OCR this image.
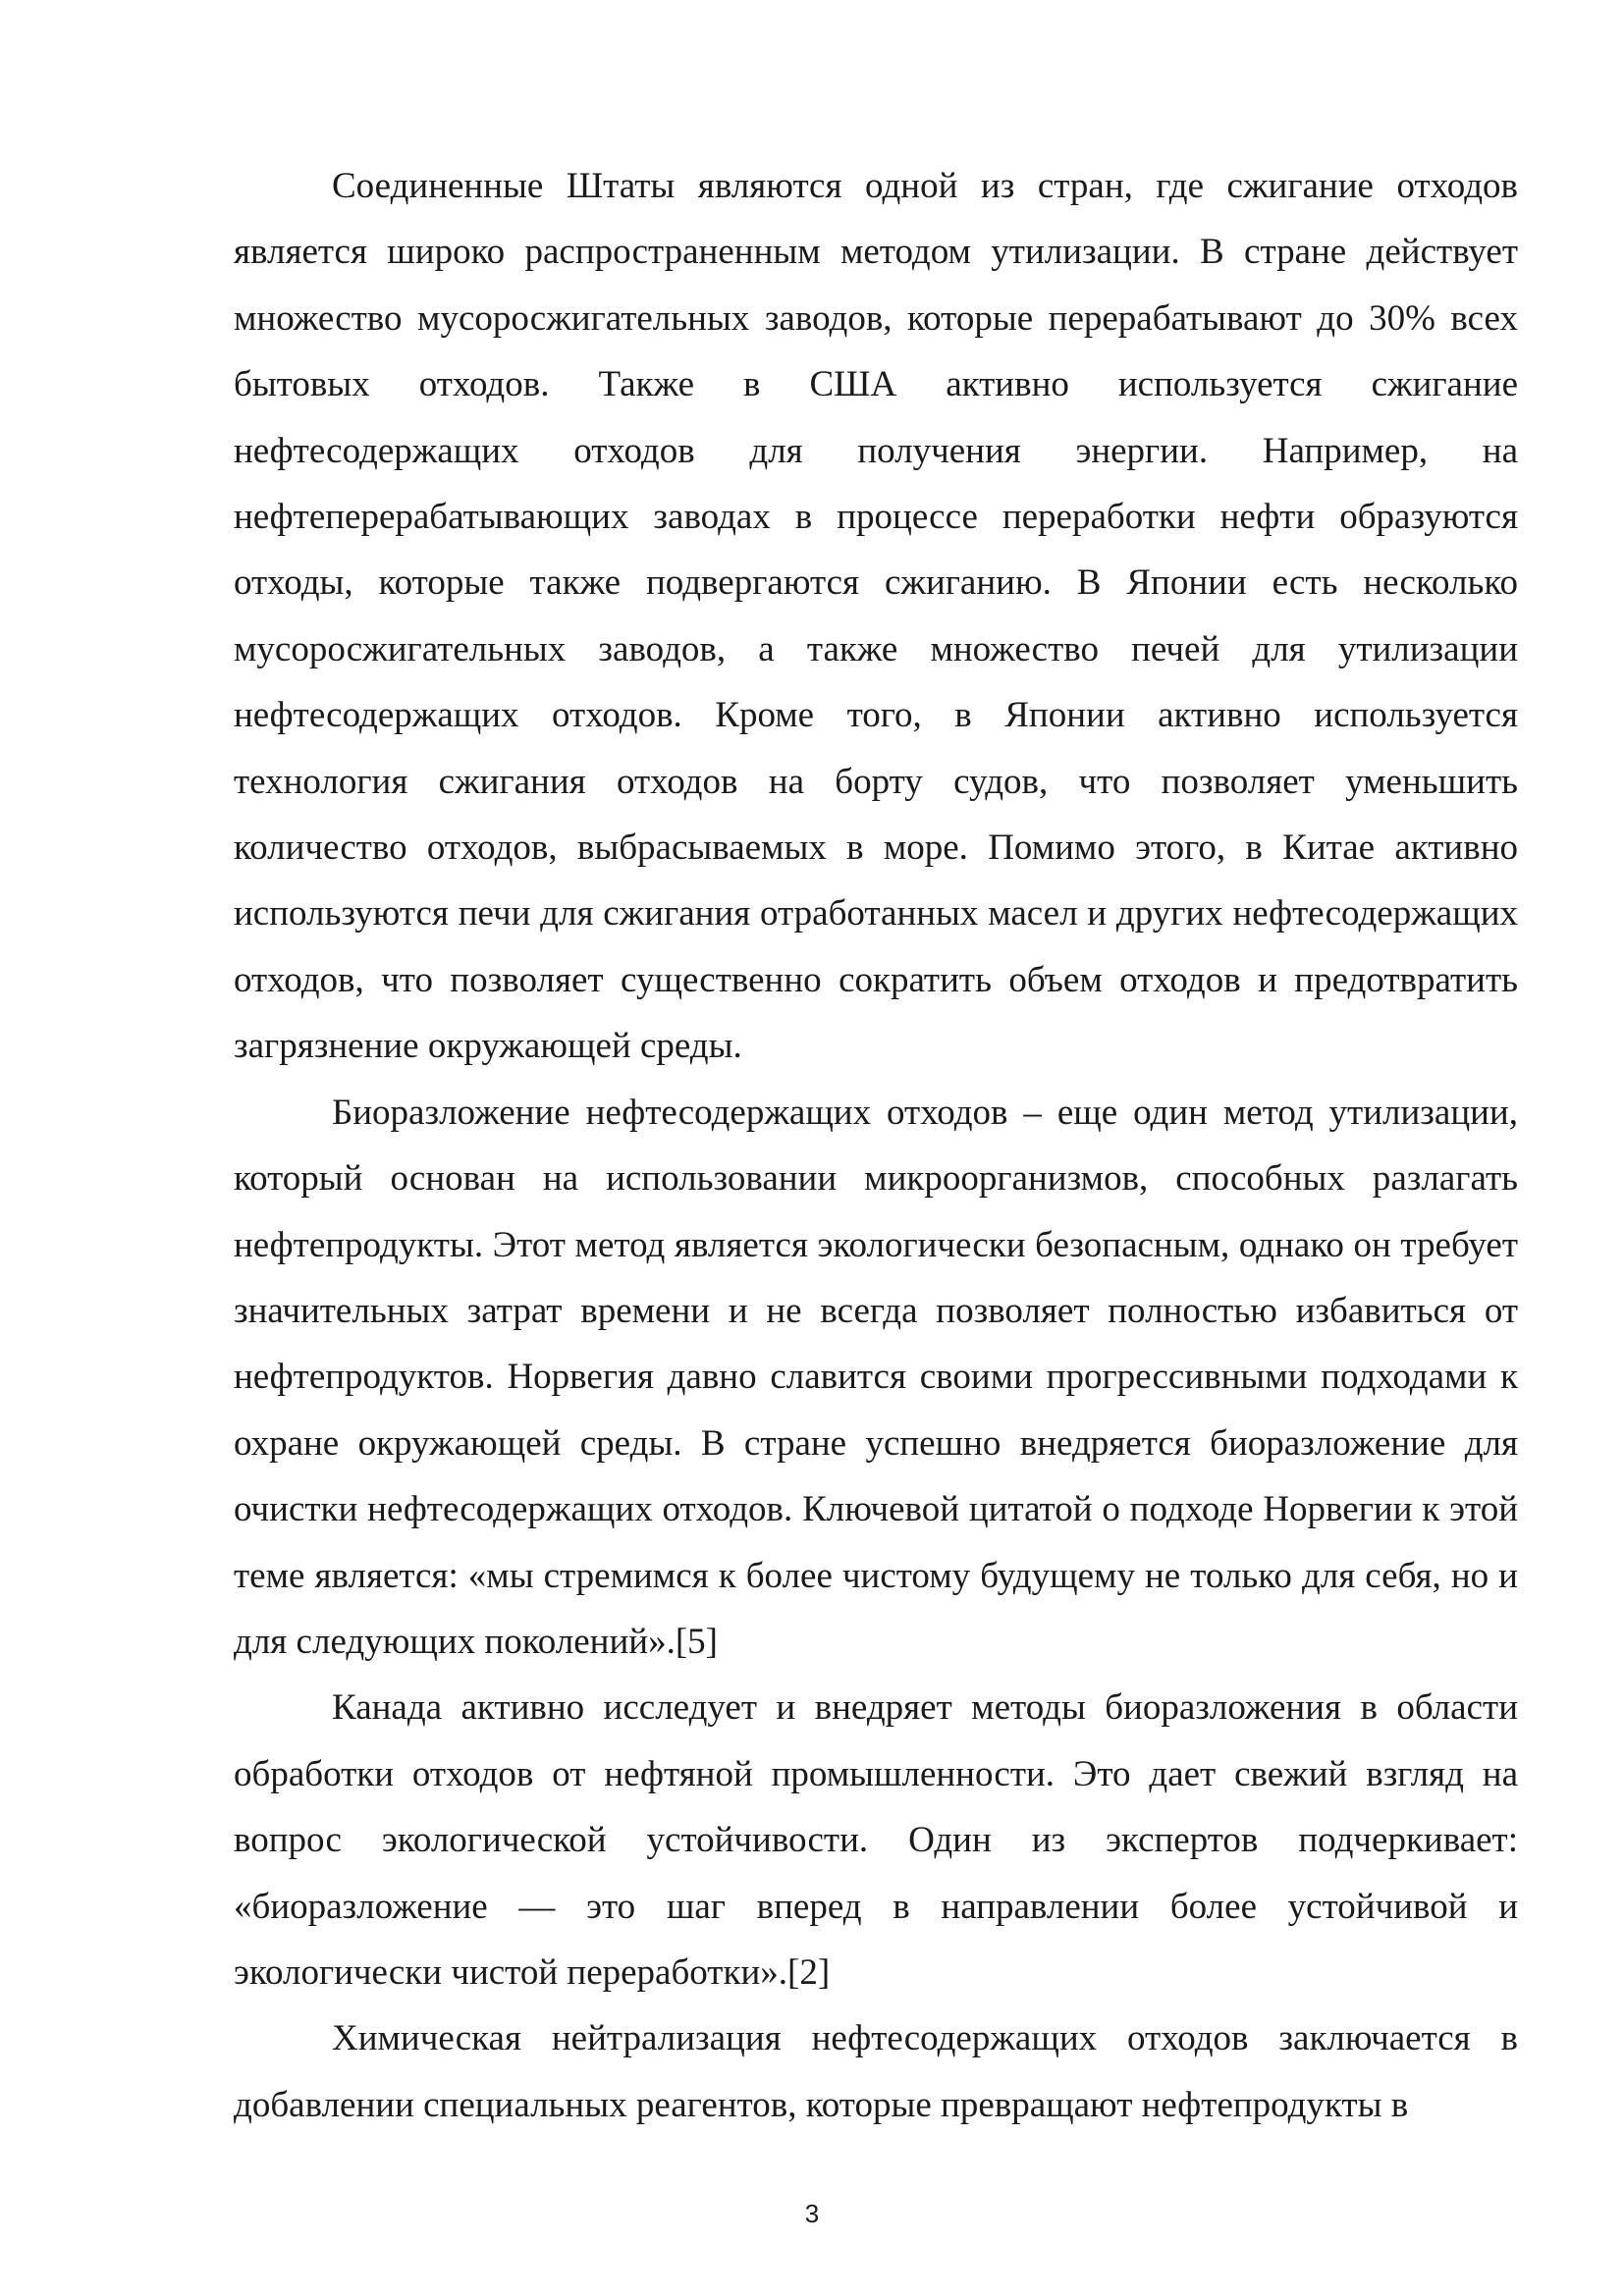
Соединенные Штаты являются одной из стран, где сжигание отходов является широко распространенным методом утилизации. В стране действует множество мусоросжигательных заводов, которые перерабатывают до 30% всех бытовых отходов. Также в США активно используется сжигание нефтесодержащих отходов для получения энергии. Например, на нефтеперерабатывающих заводах в процессе переработки нефти образуются отходы, которые также подвергаются сжиганию. В Японии есть несколько мусоросжигательных заводов, а также множество печей для утилизации нефтесодержащих отходов. Кроме того, в Японии активно используется технология сжигания отходов на борту судов, что позволяет уменьшить количество отходов, выбрасываемых в море. Помимо этого, в Китае активно используются печи для сжигания отработанных масел и других нефтесодержащих отходов, что позволяет существенно сократить объем отходов и предотвратить загрязнение окружающей среды.

Биоразложение нефтесодержащих отходов – еще один метод утилизации, который основан на использовании микроорганизмов, способных разлагать нефтепродукты. Этот метод является экологически безопасным, однако он требует значительных затрат времени и не всегда позволяет полностью избавиться от нефтепродуктов. Норвегия давно славится своими прогрессивными подходами к охране окружающей среды. В стране успешно внедряется биоразложение для очистки нефтесодержащих отходов. Ключевой цитатой о подходе Норвегии к этой теме является: «мы стремимся к более чистому будущему не только для себя, но и для следующих поколений».[5]

Канада активно исследует и внедряет методы биоразложения в области обработки отходов от нефтяной промышленности. Это дает свежий взгляд на вопрос экологической устойчивости. Один из экспертов подчеркивает: «биоразложение — это шаг вперед в направлении более устойчивой и экологически чистой переработки».[2]

Химическая нейтрализация нефтесодержащих отходов заключается в добавлении специальных реагентов, которые превращают нефтепродукты в

3
